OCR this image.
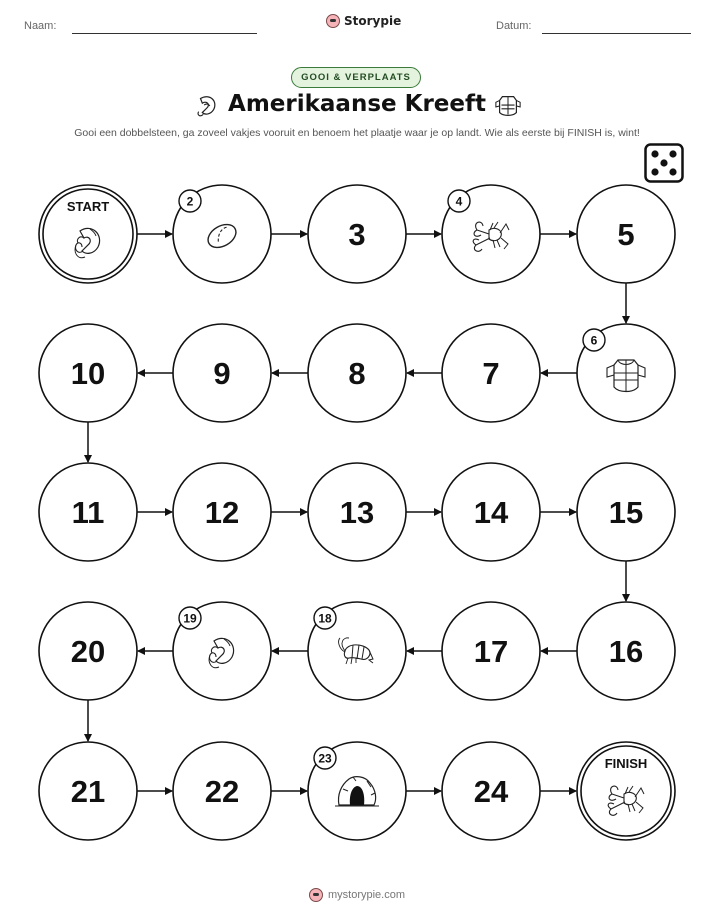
Naam:	Storypie	Datum:
GOOI & VERPLAATS
Amerikaanse Kreeft
Gooi een dobbelsteen, ga zoveel vakjes vooruit en benoem het plaatje waar je op landt. Wie als eerste bij FINISH is, wint!
START	2
3
4
5
6
7
8
9
10
11	12	13	14	15
16
17
18
19
20
21	22
23
24
FINISH
mystorypie.com
